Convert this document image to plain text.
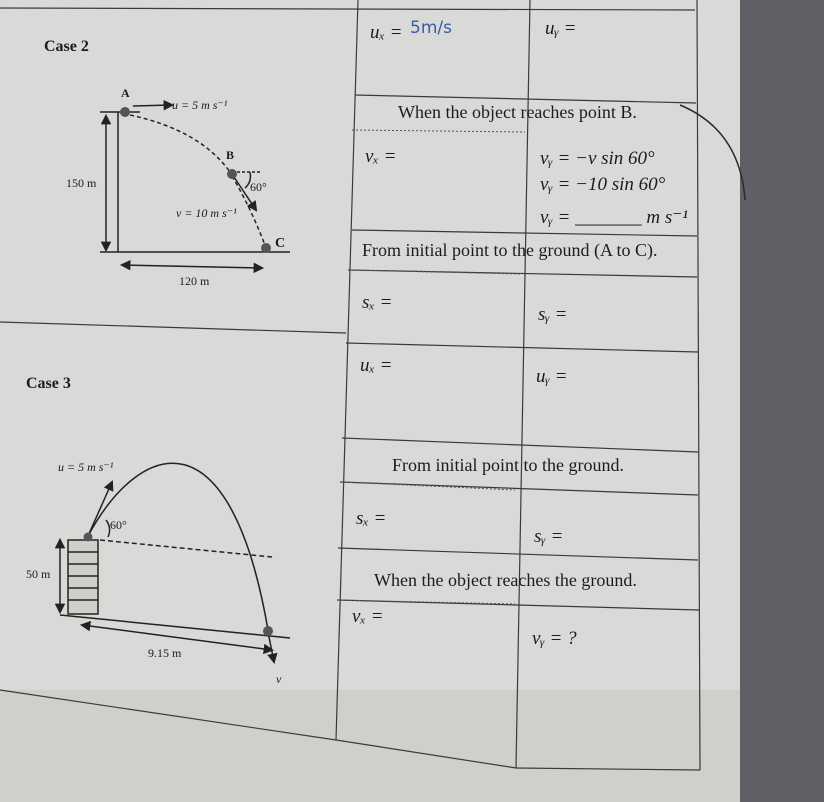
Case 2
Case 3
A
B
C
u = 5 m s⁻¹
v = 10 m s⁻¹
60°
150 m
120 m
u = 5 m s⁻¹
60°
50 m
9.15 m
v
uₓ = 5m/s	uᵧ =
When the object reaches point B.
vₓ =	vᵧ = −v sin 60°
vᵧ = −10 sin 60°
vᵧ = _______ m s⁻¹
From initial point to the ground (A to C).
sₓ =
sᵧ =
uₓ =
uᵧ =
From initial point to the ground.
sₓ =
sᵧ =
When the object reaches the ground.
vₓ =
vᵧ = ?
